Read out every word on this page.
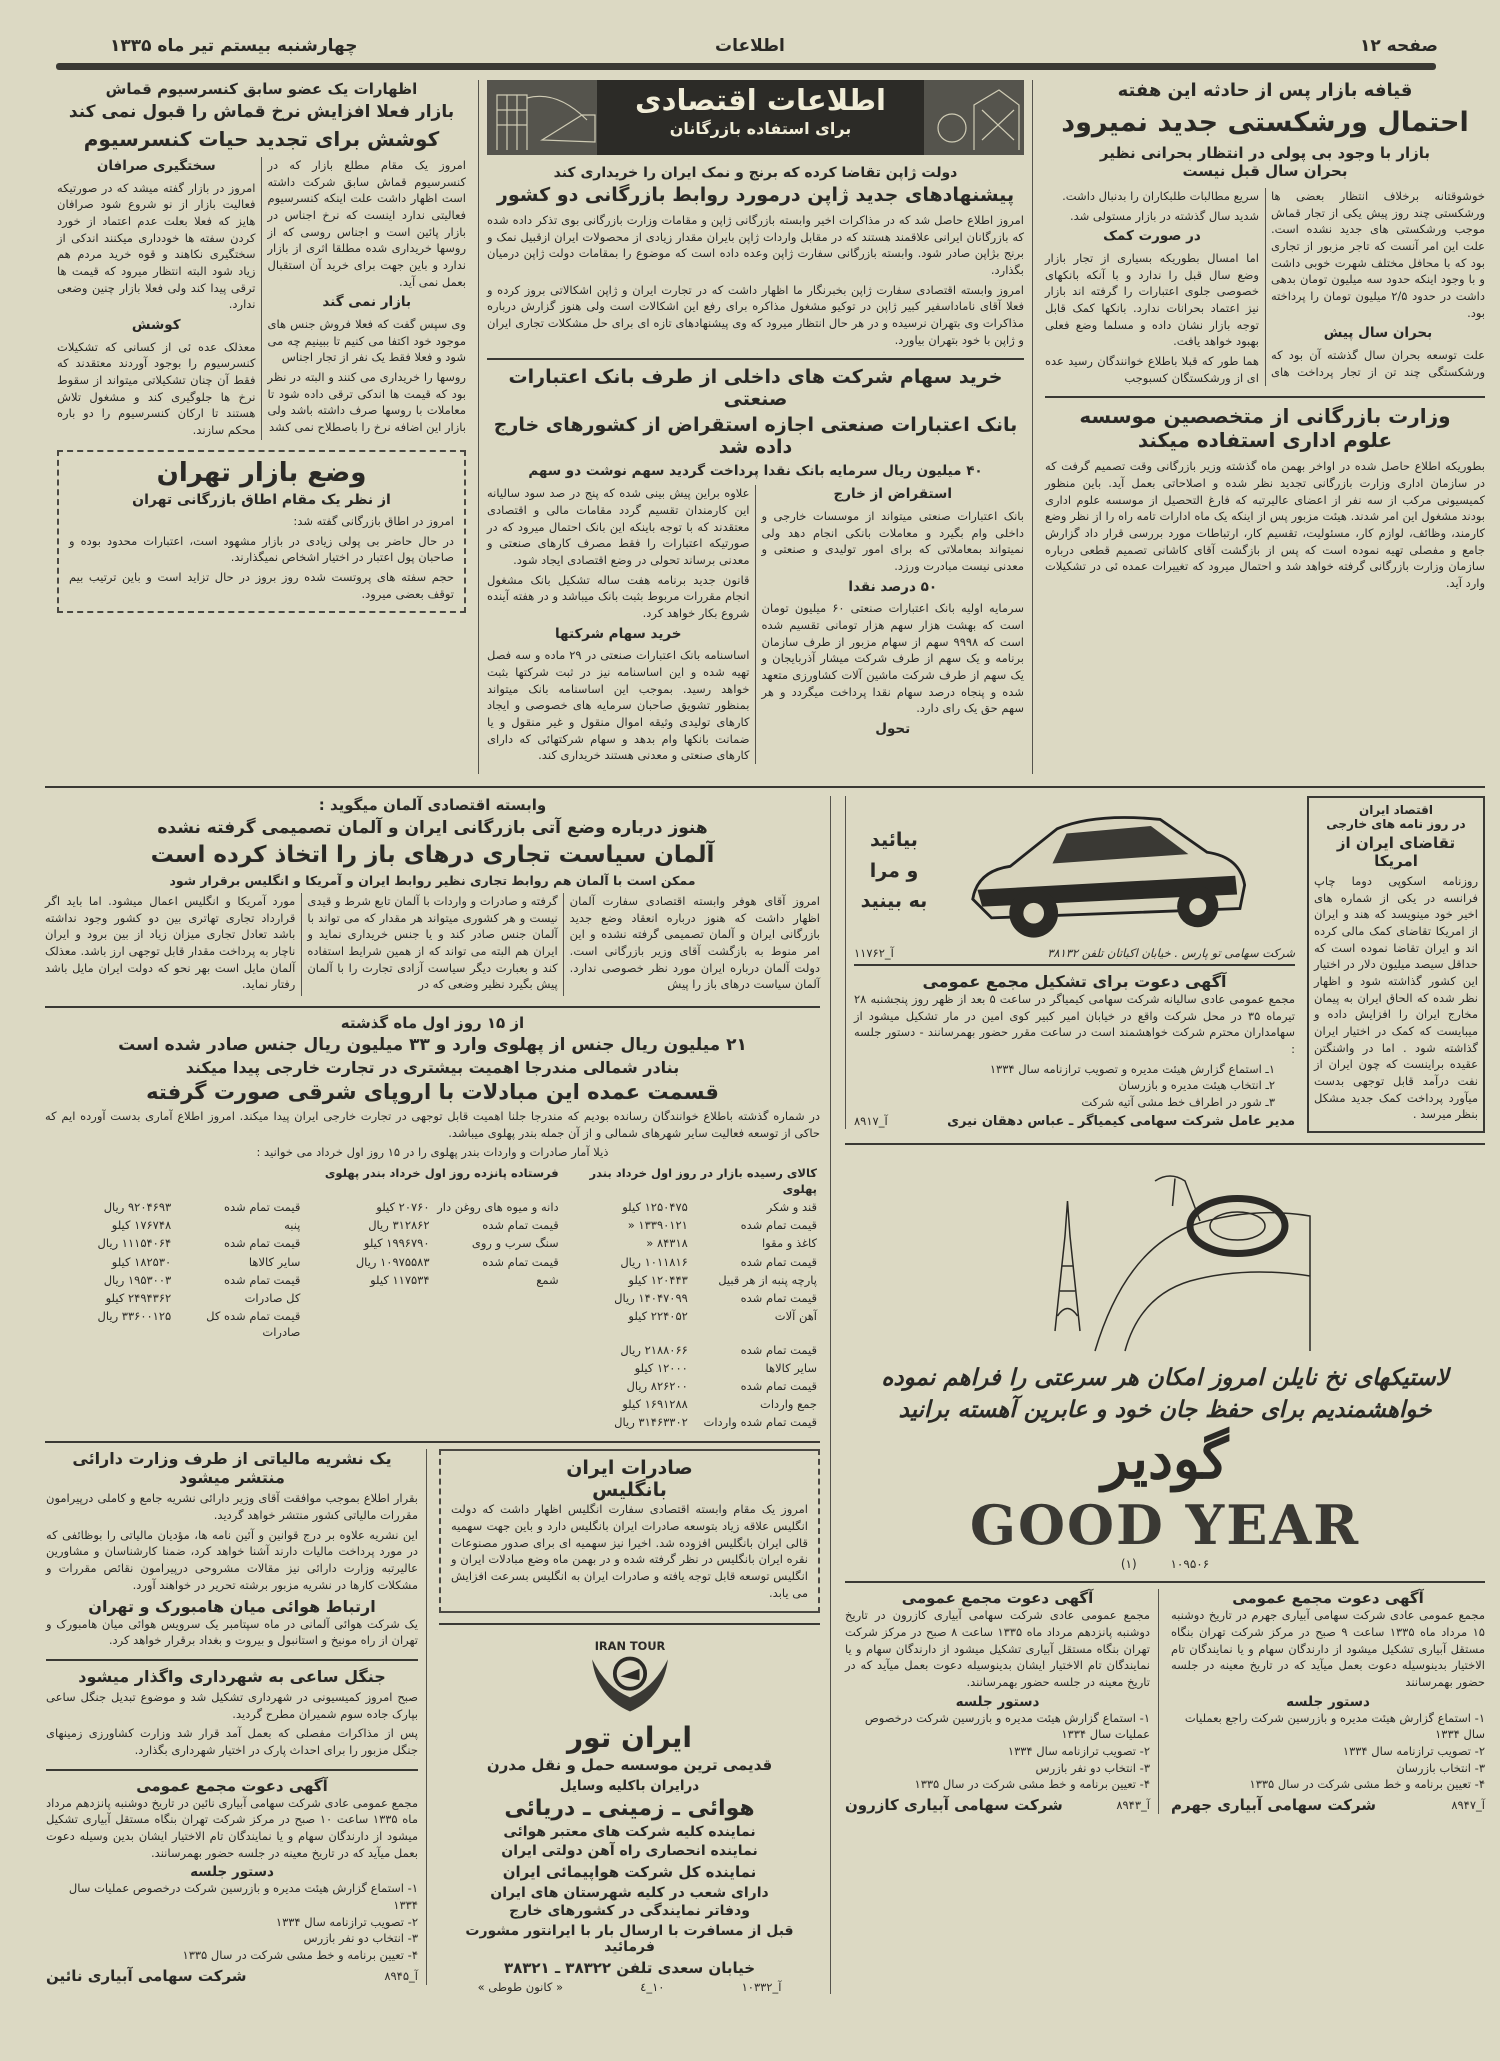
صفحه ۱۲
اطلاعات
چهارشنبه بیستم تیر ماه ۱۳۳۵
قیافه بازار پس از حادثه این هفته
احتمال ورشکستی جدید نمیرود
بازار با وجود بی پولی در انتظار بحرانی نظیر بحران سال قبل نیست

خوشوقتانه برخلاف انتظار بعضی ها ورشکستی چند روز پیش یکی از تجار قماش موجب ورشکستی های جدید نشده است. علت این امر آنست که تاجر مزبور از تجاری بود که با محافل مختلف شهرت خوبی داشت و با وجود اینکه حدود سه میلیون تومان بدهی داشت در حدود ۲/۵ میلیون تومان را پرداخته بود.

بحران سال پیش

علت توسعه بحران سال گذشته آن بود که ورشکستگی چند تن از تجار پرداخت های سریع مطالبات طلبکاران را بدنبال داشت.

شدید سال گذشته در بازار مستولی شد.

در صورت کمک

اما امسال بطوریکه بسیاری از تجار بازار وضع سال قبل را ندارد و با آنکه بانکهای خصوصی جلوی اعتبارات را گرفته اند بازار نیز اعتماد بحرانات ندارد. بانکها کمک قابل توجه بازار نشان داده و مسلما وضع فعلی بهبود خواهد یافت.

هما طور که قبلا باطلاع خوانندگان رسید عده ای از ورشکستگان کسبوجب

وزارت بازرگانی از متخصصین موسسه علوم اداری استفاده میکند

بطوریکه اطلاع حاصل شده در اواخر بهمن ماه گذشته وزیر بازرگانی وقت تصمیم گرفت که در سازمان اداری وزارت بازرگانی تجدید نظر شده و اصلاحاتی بعمل آید. باین منظور کمیسیونی مرکب از سه نفر از اعضای عالیرتبه که فارغ التحصیل از موسسه علوم اداری بودند مشغول این امر شدند. هیئت مزبور پس از اینکه یک ماه ادارات تامه راه را از نظر وضع کارمند، وظائف، لوازم کار، مسئولیت، تقسیم کار، ارتباطات مورد بررسی قرار داد گزارش جامع و مفصلی تهیه نموده است که پس از بازگشت آقای کاشانی تصمیم قطعی درباره سازمان وزارت بازرگانی گرفته خواهد شد و احتمال میرود که تغییرات عمده ئی در تشکیلات وارد آید.

اطلاعات اقتصادی
برای استفاده بازرگانان
دولت ژاپن تقاضا کرده که برنج و نمک ایران را خریداری کند
پیشنهادهای جدید ژاپن درمورد روابط بازرگانی دو کشور

امروز اطلاع حاصل شد که در مذاکرات اخیر وابسته بازرگانی ژاپن و مقامات وزارت بازرگانی بوی تذکر داده شده که بازرگانان ایرانی علاقمند هستند که در مقابل واردات ژاپن بایران مقدار زیادی از محصولات ایران ازقبیل نمک و برنج بژاپن صادر شود. وابسته بازرگانی سفارت ژاپن وعده داده است که موضوع را بمقامات دولت ژاپن درمیان بگذارد.

امروز وابسته اقتصادی سفارت ژاپن بخبرنگار ما اظهار داشت که در تجارت ایران و ژاپن اشکالاتی بروز کرده و فعلا آقای ناماداسفیر کبیر ژاپن در توکیو مشغول مذاکره برای رفع این اشکالات است ولی هنوز گزارش درباره مذاکرات وی بتهران نرسیده و در هر حال انتظار میرود که وی پیشنهادهای تازه ای برای حل مشکلات تجاری ایران و ژاپن با خود بتهران بیاورد.

خرید سهام شرکت های داخلی از طرف بانک اعتبارات صنعتی
بانک اعتبارات صنعتی اجازه استقراض از کشورهای خارج داده شد
۴۰ میلیون ریال سرمایه بانک نقدا پرداخت گردید سهم نوشت دو سهم

استقراض از خارج

بانک اعتبارات صنعتی میتواند از موسسات خارجی و داخلی وام بگیرد و معاملات بانکی انجام دهد ولی نمیتواند بمعاملاتی که برای امور تولیدی و صنعتی و معدنی نیست مبادرت ورزد.

۵۰ درصد نقدا

سرمایه اولیه بانک اعتبارات صنعتی ۶۰ میلیون تومان است که بهشت هزار سهم هزار تومانی تقسیم شده است که ۹۹۹۸ سهم از سهام مزبور از طرف سازمان برنامه و یک سهم از طرف شرکت میشار آذربایجان و یک سهم از طرف شرکت ماشین آلات کشاورزی متعهد شده و پنجاه درصد سهام نقدا پرداخت میگردد و هر سهم حق یک رای دارد.

تحول

علاوه براین پیش بینی شده که پنج در صد سود سالیانه این کارمندان تقسیم گردد مقامات مالی و اقتصادی معتقدند که با توجه باینکه این بانک احتمال میرود که در صورتیکه اعتبارات را فقط مصرف کارهای صنعتی و معدنی برساند تحولی در وضع اقتصادی ایجاد شود.

قانون جدید برنامه هفت ساله تشکیل بانک مشغول انجام مقررات مربوط بثبت بانک میباشد و در هفته آینده شروع بکار خواهد کرد.

خرید سهام شرکتها

اساسنامه بانک اعتبارات صنعتی در ۲۹ ماده و سه فصل تهیه شده و این اساسنامه نیز در ثبت شرکتها بثبت خواهد رسید. بموجب این اساسنامه بانک میتواند بمنظور تشویق صاحبان سرمایه های خصوصی و ایجاد کارهای تولیدی وثیقه اموال منقول و غیر منقول و یا ضمانت بانکها وام بدهد و سهام شرکتهائی که دارای کارهای صنعتی و معدنی هستند خریداری کند.

اظهارات یک عضو سابق کنسرسیوم قماش
بازار فعلا افزایش نرخ قماش را قبول نمی کند
کوشش برای تجدید حیات کنسرسیوم

امروز یک مقام مطلع بازار که در کنسرسیوم قماش سابق شرکت داشته است اظهار داشت علت اینکه کنسرسیوم فعالیتی ندارد اینست که نرخ اجناس در بازار پائین است و اجناس روسی که از روسها خریداری شده مطلقا اثری از بازار ندارد و باین جهت برای خرید آن استقبال بعمل نمی آید.

بازار نمی گند

وی سپس گفت که فعلا فروش جنس های موجود خود اکتفا می کنیم تا ببینیم چه می شود و فعلا فقط یک نفر از تجار اجناس

روسها را خریداری می کنند و البته در نظر بود که قیمت ها اندکی ترقی داده شود تا معاملات با روسها صرف داشته باشد ولی بازار این اضافه نرخ را باصطلاح نمی کشد

سختگیری صرافان

امروز در بازار گفته میشد که در صورتیکه فعالیت بازار از نو شروع شود صرافان هایز که فعلا بعلت عدم اعتماد از خورد کردن سفته ها خودداری میکنند اندکی از سختگیری نکاهند و قوه خرید مردم هم زیاد شود البته انتظار میرود که قیمت ها ترقی پیدا کند ولی فعلا بازار چنین وضعی ندارد.

کوشش

معذلک عده ئی از کسانی که تشکیلات کنسرسیوم را بوجود آوردند معتقدند که فقط آن چنان تشکیلاتی میتواند از سقوط نرخ ها جلوگیری کند و مشغول تلاش هستند تا ارکان کنسرسیوم را دو باره محکم سازند.

وضع بازار تهران
از نظر یک مقام اطاق بازرگانی تهران

امروز در اطاق بازرگانی گفته شد:

در حال حاضر بی پولی زیادی در بازار مشهود است، اعتبارات محدود بوده و صاحبان پول اعتبار در اختیار اشخاص نمیگذارند.

حجم سفته های پروتست شده روز بروز در حال تزاید است و باین ترتیب بیم توقف بعضی میرود.

اقتصاد ایران
در روز نامه های خارجی
تقاضای ایران از امریکا

روزنامه اسکوپی دوما چاپ فرانسه در یکی از شماره های اخیر خود مینویسد که هند و ایران از امریکا تقاضای کمک مالی کرده اند و ایران تقاضا نموده است که حداقل سیصد میلیون دلار در اختیار این کشور گذاشته شود و اظهار نظر شده که الحاق ایران به پیمان مخارج ایران را افزایش داده و میبایست که کمک در اختیار ایران گذاشته شود . اما در واشنگتن عقیده براینست که چون ایران از نفت درآمد قابل توجهی بدست میآورد پرداخت کمک جدید مشکل بنظر میرسد .

بیائید
و مرا
به بینید
شرکت سهامی تو پارس . خیابان اکباتان تلفن ۳۸۱۳۲
آ_۱۱۷۶۲
آگهی دعوت برای تشکیل مجمع عمومی

مجمع عمومی عادی سالیانه شرکت سهامی کیمیاگر در ساعت ۵ بعد از ظهر روز پنجشنبه ۲۸ تیرماه ۳۵ در محل شرکت واقع در خیابان امیر کبیر کوی امین در مار تشکیل میشود از سهامداران محترم شرکت خواهشمند است در ساعت مقرر حضور بهمرسانند - دستور جلسه :

۱ـ استماع گزارش هیئت مدیره و تصویب ترازنامه سال ۱۳۳۴
۲ـ انتخاب هیئت مدیره و بازرسان
۳ـ شور در اطراف خط مشی آتیه شرکت
مدیر عامل شرکت سهامی کیمیاگر ـ عباس دهقان نیری
آ_۸۹۱۷
لاستیکهای نخ نایلن امروز امکان هر سرعتی را فراهم نموده
خواهشمندیم برای حفظ جان خود و عابرین آهسته برانید
گودیر
GOOD YEAR
۱۰۹۵۰۶ (۱)
آگهی دعوت مجمع عمومی

مجمع عمومی عادی شرکت سهامی آبیاری جهرم در تاریخ دوشنبه ۱۵ مرداد ماه ۱۳۳۵ ساعت ۹ صبح در مرکز شرکت تهران بنگاه مستقل آبیاری تشکیل میشود از دارندگان سهام و یا نمایندگان تام الاختیار بدینوسیله دعوت بعمل میآید که در تاریخ معینه در جلسه حضور بهمرسانند

دستور جلسه
۱- استماع گزارش هیئت مدیره و بازرسین شرکت راجع بعملیات سال ۱۳۳۴
۲- تصویب ترازنامه سال ۱۳۳۴
۳- انتخاب بازرسان
۴- تعیین برنامه و خط مشی شرکت در سال ۱۳۳۵
آ_۸۹۴۷
شرکت سهامی آبیاری جهرم
آگهی دعوت مجمع عمومی

مجمع عمومی عادی شرکت سهامی آبیاری کازرون در تاریخ دوشنبه پانزدهم مرداد ماه ۱۳۳۵ ساعت ۸ صبح در مرکز شرکت تهران بنگاه مستقل آبیاری تشکیل میشود از دارندگان سهام و یا نمایندگان تام الاختیار ایشان بدینوسیله دعوت بعمل میآید که در تاریخ معینه در جلسه حضور بهمرسانند.

دستور جلسه
۱- استماع گزارش هیئت مدیره و بازرسین شرکت درخصوص عملیات سال ۱۳۳۴
۲- تصویب ترازنامه سال ۱۳۳۴
۳- انتخاب دو نفر بازرس
۴- تعیین برنامه و خط مشی شرکت در سال ۱۳۳۵
آ_۸۹۴۳
شرکت سهامی آبیاری کازرون
وابسته اقتصادی آلمان میگوید :
هنوز درباره وضع آتی بازرگانی ایران و آلمان تصمیمی گرفته نشده
آلمان سیاست تجاری درهای باز را اتخاذ کرده است
ممکن است با آلمان هم روابط تجاری نظیر روابط ایران و آمریکا و انگلیس برقرار شود

امروز آقای هوفر وابسته اقتصادی سفارت آلمان اظهار داشت که هنوز درباره انعقاد وضع جدید بازرگانی ایران و آلمان تصمیمی گرفته نشده و این امر منوط به بازگشت آقای وزیر بازرگانی است. دولت آلمان درباره ایران مورد نظر خصوصی ندارد. آلمان سیاست درهای باز را پیش

گرفته و صادرات و واردات با آلمان تابع شرط و قیدی نیست و هر کشوری میتواند هر مقدار که می تواند با آلمان جنس صادر کند و یا جنس خریداری نماید و ایران هم البته می تواند که از همین شرایط استفاده کند و بعبارت دیگر سیاست آزادی تجارت را با آلمان پیش بگیرد نظیر وضعی که در

مورد آمریکا و انگلیس اعمال میشود. اما باید اگر قرارداد تجاری تهاتری بین دو کشور وجود نداشته باشد تعادل تجاری میزان زیاد از بین برود و ایران ناچار به پرداخت مقدار قابل توجهی ارز باشد. معذلک آلمان مایل است بهر نحو که دولت ایران مایل باشد رفتار نماید.

از ۱۵ روز اول ماه گذشته
۲۱ میلیون ریال جنس از پهلوی وارد و ۳۳ میلیون ریال جنس صادر شده است
بنادر شمالی مندرجا اهمیت بیشتری در تجارت خارجی پیدا میکند
قسمت عمده این مبادلات با اروپای شرقی صورت گرفته

در شماره گذشته باطلاع خوانندگان رسانده بودیم که مندرجا جلنا اهمیت قابل توجهی در تجارت خارجی ایران پیدا میکند. امروز اطلاع آماری بدست آورده ایم که حاکی از توسعه فعالیت سایر شهرهای شمالی و از آن جمله بندر پهلوی میباشد.

ذیلا آمار صادرات و واردات بندر پهلوی را در ۱۵ روز اول خرداد می خوانید :

کالای رسیده بازار در روز اول خرداد بندر پهلوی		فرستاده پانزده روز اول خرداد بندر پهلوی			
قند و شکر	۱۲۵۰۴۷۵ کیلو	دانه و میوه های روغن دار	۲۰۷۶۰ کیلو	قیمت تمام شده	۹۲۰۴۶۹۳ ریال
قیمت تمام شده	۱۳۳۹۰۱۲۱ «	قیمت تمام شده	۳۱۲۸۶۲ ریال	پنبه	۱۷۶۷۴۸ کیلو
کاغذ و مقوا	۸۴۳۱۸ «	سنگ سرب و روی	۱۹۹۶۷۹۰ کیلو	قیمت تمام شده	۱۱۱۵۴۰۶۴ ریال
قیمت تمام شده	۱۰۱۱۸۱۶ ریال	قیمت تمام شده	۱۰۹۷۵۵۸۳ ریال	سایر کالاها	۱۸۲۵۳۰ کیلو
پارچه پنبه از هر قبیل	۱۲۰۴۴۳ کیلو	شمع	۱۱۷۵۳۴ کیلو	قیمت تمام شده	۱۹۵۳۰۰۳ ریال
قیمت تمام شده	۱۴۰۴۷۰۹۹ ریال			کل صادرات	۲۴۹۴۳۶۲ کیلو
آهن آلات	۲۲۴۰۵۲ کیلو			قیمت تمام شده کل صادرات	۳۳۶۰۰۱۲۵ ریال
قیمت تمام شده	۲۱۸۸۰۶۶ ریال				
سایر کالاها	۱۲۰۰۰ کیلو				
قیمت تمام شده	۸۲۶۲۰۰ ریال				
جمع واردات	۱۶۹۱۲۸۸ کیلو				
قیمت تمام شده واردات	۳۱۴۶۳۳۰۲ ریال				
صادرات ایران
بانگلیس

امروز یک مقام وابسته اقتصادی سفارت انگلیس اظهار داشت که دولت انگلیس علاقه زیاد بتوسعه صادرات ایران بانگلیس دارد و باین جهت سهمیه قالی ایران بانگلیس افزوده شد. اخیرا نیز سهمیه ای برای صدور مصنوعات نقره ایران بانگلیس در نظر گرفته شده و در بهمن ماه وضع مبادلات ایران و انگلیس توسعه قابل توجه یافته و صادرات ایران به انگلیس بسرعت افزایش می یابد.

IRAN TOUR
ایران تور
قدیمی ترین موسسه حمل و نقل مدرن
درایران باکلیه وسایل
هوائی ـ زمینی ـ دریائی
نماینده کلیه شرکت های معتبر هوائی
نماینده انحصاری راه آهن دولتی ایران
نماینده کل شرکت هواپیمائی ایران
دارای شعب در کلیه شهرستان های ایران
ودفاتر نمایندگی در کشورهای خارج
قبل از مسافرت با ارسال بار با ایرانتور مشورت فرمائید
خیابان سعدی تلفن ۳۸۳۲۲ ـ ۳۸۳۲۱
آ_۱۰۳۳۲
۱۰_٤
« کانون طوطی »
یک نشریه مالیاتی از طرف وزارت دارائی منتشر میشود

بقرار اطلاع بموجب موافقت آقای وزیر دارائی نشریه جامع و کاملی درپیرامون مقررات مالیاتی کشور منتشر خواهد گردید.

این نشریه علاوه بر درج قوانین و آئین نامه ها، مؤدیان مالیاتی را بوظائفی که در مورد پرداخت مالیات دارند آشنا خواهد کرد، ضمنا کارشناسان و مشاورین عالیرتبه وزارت دارائی نیز مقالات مشروحی درپیرامون نقائص مقررات و مشکلات کارها در نشریه مزبور برشته تحریر در خواهند آورد.

ارتباط هوائی میان هامبورک و تهران

یک شرکت هوائی آلمانی در ماه سپتامبر یک سرویس هوائی میان هامبورک و تهران از راه مونیخ و استانبول و بیروت و بغداد برقرار خواهد کرد.

جنگل ساعی به شهرداری واگذار میشود

صبح امروز کمیسیونی در شهرداری تشکیل شد و موضوع تبدیل جنگل ساعی بپارک جاده سوم شمیران مطرح گردید.

پس از مذاکرات مفصلی که بعمل آمد قرار شد وزارت کشاورزی زمینهای جنگل مزبور را برای احداث پارک در اختیار شهرداری بگذارد.

آگهی دعوت مجمع عمومی

مجمع عمومی عادی شرکت سهامی آبیاری نائین در تاریخ دوشنبه پانزدهم مرداد ماه ۱۳۳۵ ساعت ۱۰ صبح در مرکز شرکت تهران بنگاه مستقل آبیاری تشکیل میشود از دارندگان سهام و یا نمایندگان تام الاختیار ایشان بدین وسیله دعوت بعمل میآید که در تاریخ معینه در جلسه حضور بهمرسانند.

دستور جلسه
۱- استماع گزارش هیئت مدیره و بازرسین شرکت درخصوص عملیات سال ۱۳۳۴
۲- تصویب ترازنامه سال ۱۳۳۴
۳- انتخاب دو نفر بازرس
۴- تعیین برنامه و خط مشی شرکت در سال ۱۳۳۵
آ_۸۹۴۵
شرکت سهامی آبیاری نائین
